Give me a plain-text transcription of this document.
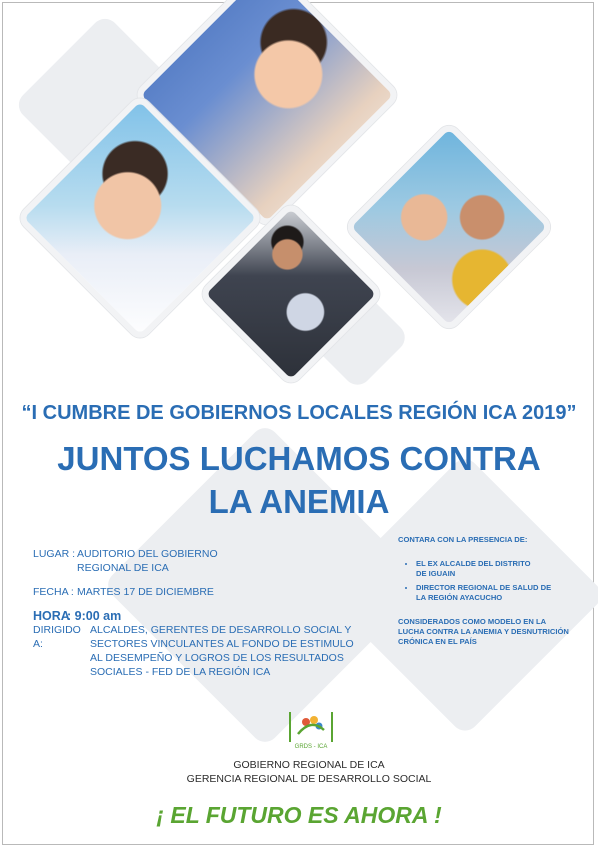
“I CUMBRE DE GOBIERNOS LOCALES REGIÓN ICA 2019”
JUNTOS LUCHAMOS CONTRA
LA ANEMIA
LUGAR : AUDITORIO DEL GOBIERNO
REGIONAL DE ICA
FECHA : MARTES 17 DE DICIEMBRE
HORA
: 9:00 am
DIRIGIDO A:
ALCALDES, GERENTES DE DESARROLLO SOCIAL Y
SECTORES VINCULANTES AL FONDO DE ESTIMULO
AL DESEMPEÑO Y LOGROS DE LOS RESULTADOS
SOCIALES - FED DE LA REGIÓN ICA
CONTARA CON LA PRESENCIA DE:
• EL EX ALCALDE DEL DISTRITO
DE IGUAIN
• DIRECTOR REGIONAL DE SALUD DE
LA REGIÓN AYACUCHO
CONSIDERADOS COMO MODELO EN LA
LUCHA CONTRA LA ANEMIA Y DESNUTRICIÓN
CRÓNICA EN EL PAÍS
GRDS - ICA
GOBIERNO REGIONAL DE ICA
GERENCIA REGIONAL DE DESARROLLO SOCIAL
¡ EL FUTURO ES AHORA !
